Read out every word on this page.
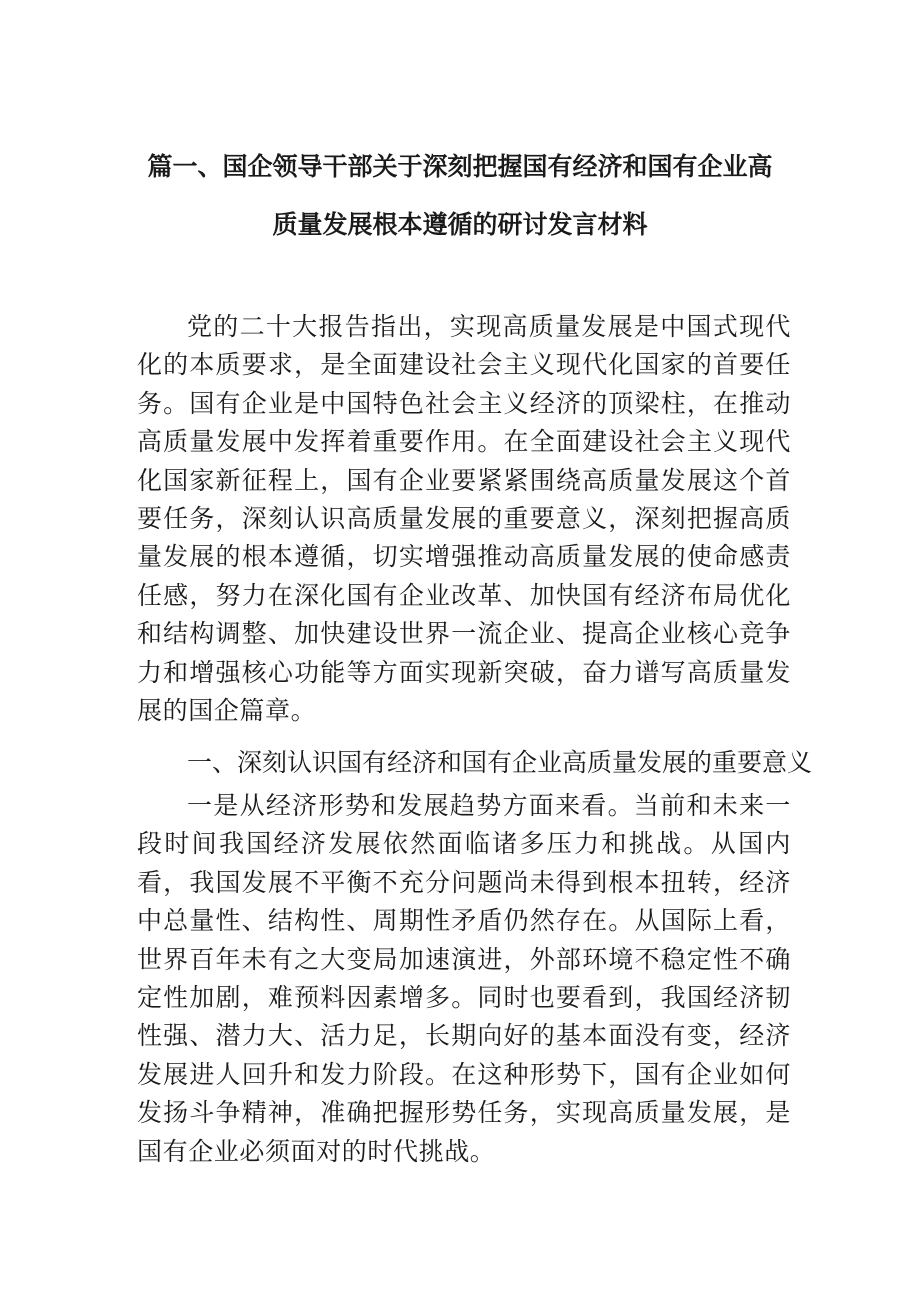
篇一、国企领导干部关于深刻把握国有经济和国有企业高
质量发展根本遵循的研讨发言材料

党的二十大报告指出，实现高质量发展是中国式现代化的本质要求，是全面建设社会主义现代化国家的首要任务。国有企业是中国特色社会主义经济的顶梁柱，在推动高质量发展中发挥着重要作用。在全面建设社会主义现代化国家新征程上，国有企业要紧紧围绕高质量发展这个首要任务，深刻认识高质量发展的重要意义，深刻把握高质量发展的根本遵循，切实增强推动高质量发展的使命感责任感，努力在深化国有企业改革、加快国有经济布局优化和结构调整、加快建设世界一流企业、提高企业核心竞争力和增强核心功能等方面实现新突破，奋力谱写高质量发展的国企篇章。

一、深刻认识国有经济和国有企业高质量发展的重要意义

一是从经济形势和发展趋势方面来看。当前和未来一段时间我国经济发展依然面临诸多压力和挑战。从国内看，我国发展不平衡不充分问题尚未得到根本扭转，经济中总量性、结构性、周期性矛盾仍然存在。从国际上看，世界百年未有之大变局加速演进，外部环境不稳定性不确定性加剧，难预料因素增多。同时也要看到，我国经济韧性强、潜力大、活力足，长期向好的基本面没有变，经济发展进人回升和发力阶段。在这种形势下，国有企业如何发扬斗争精神，准确把握形势任务，实现高质量发展，是国有企业必须面对的时代挑战。
